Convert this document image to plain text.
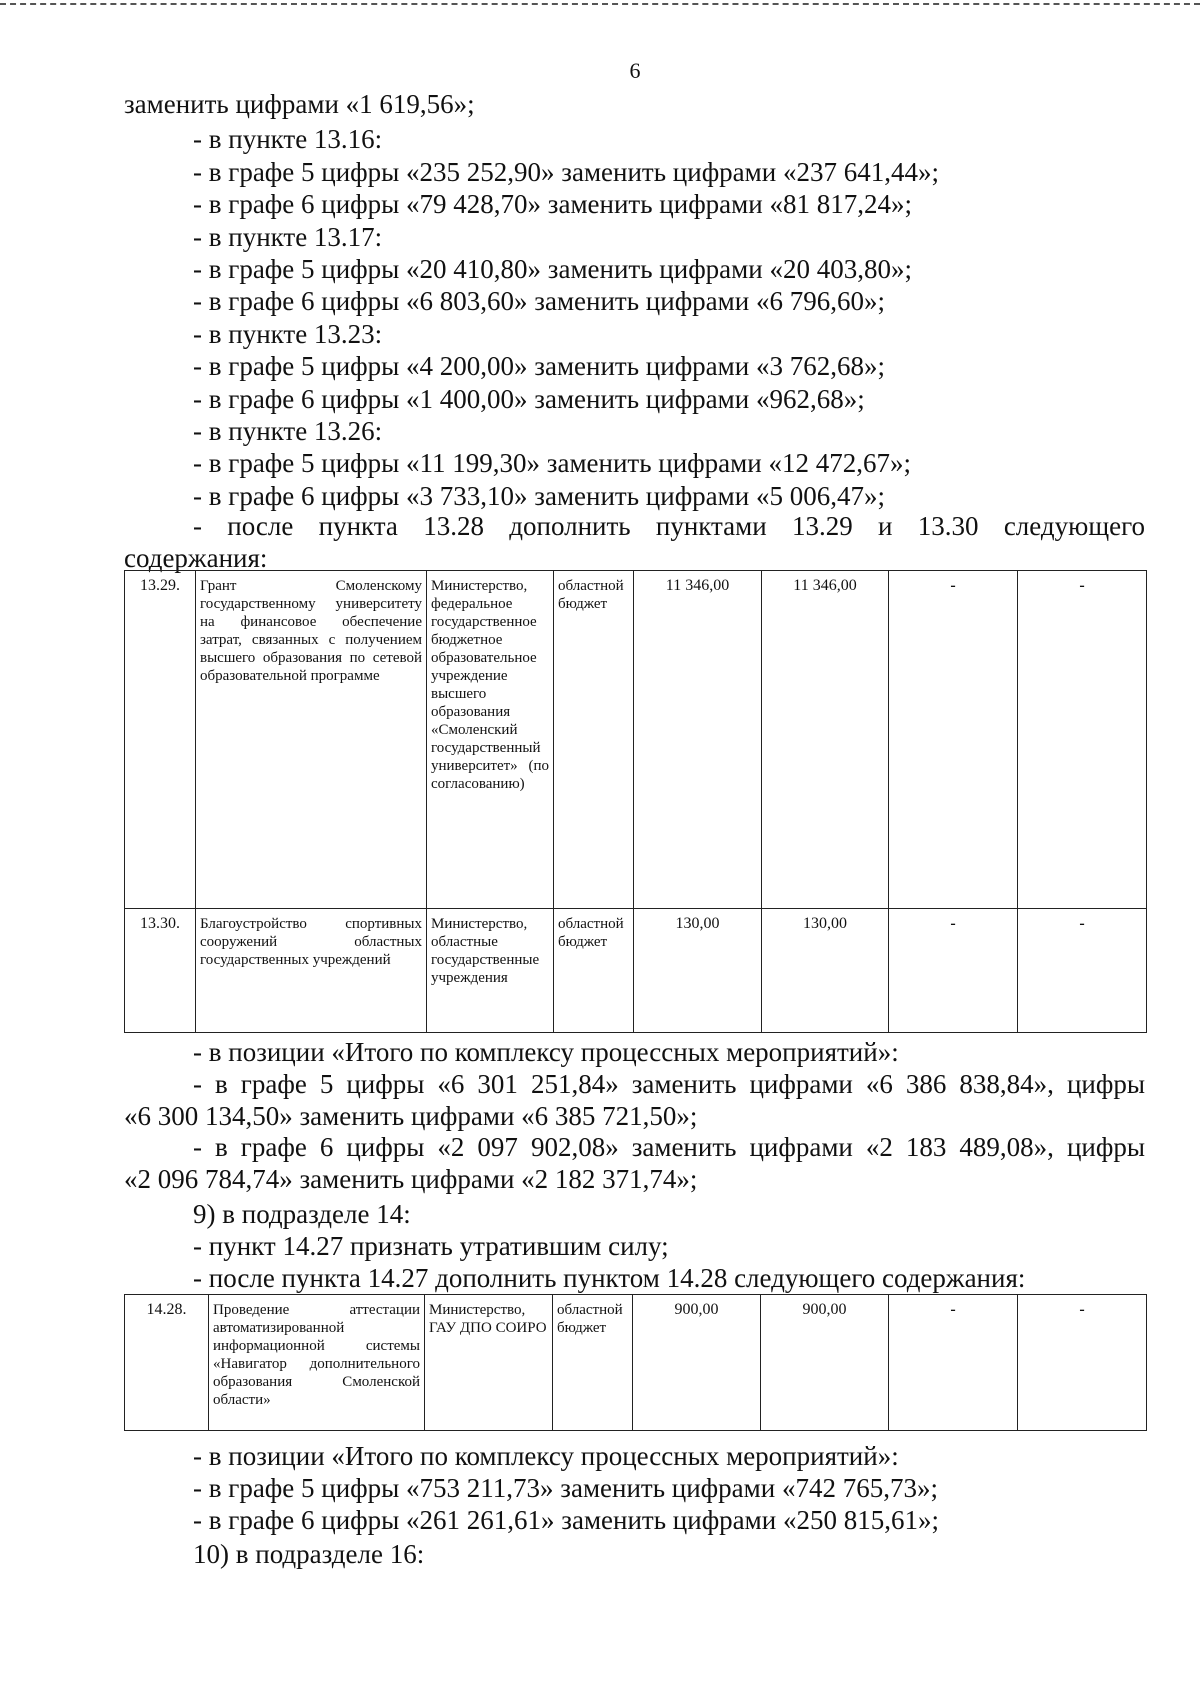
6
заменить цифрами «1 619,56»;
- в пункте 13.16:
- в графе 5 цифры «235 252,90» заменить цифрами «237 641,44»;
- в графе 6 цифры «79 428,70» заменить цифрами «81 817,24»;
- в пункте 13.17:
- в графе 5 цифры «20 410,80» заменить цифрами «20 403,80»;
- в графе 6 цифры «6 803,60» заменить цифрами «6 796,60»;
- в пункте 13.23:
- в графе 5 цифры «4 200,00» заменить цифрами «3 762,68»;
- в графе 6 цифры «1 400,00» заменить цифрами «962,68»;
- в пункте 13.26:
- в графе 5 цифры «11 199,30» заменить цифрами «12 472,67»;
- в графе 6 цифры «3 733,10» заменить цифрами «5 006,47»;
- после пункта 13.28 дополнить пунктами 13.29 и 13.30 следующего
содержания:
13.29.	Грант Смоленскому государственному университету на финансовое обеспечение затрат, связанных с получением высшего образования по сетевой образовательной программе	Министерство, федеральное государственное бюджетное образовательное учреждение высшего образования «Смоленский государственный университет» (по согласованию)	областной бюджет	11 346,00	11 346,00	-	-
13.30.	Благоустройство спортивных сооружений областных государственных учреждений	Министерство, областные государственные учреждения	областной бюджет	130,00	130,00	-	-
- в позиции «Итого по комплексу процессных мероприятий»:
- в графе 5 цифры «6 301 251,84» заменить цифрами «6 386 838,84», цифры
«6 300 134,50» заменить цифрами «6 385 721,50»;
- в графе 6 цифры «2 097 902,08» заменить цифрами «2 183 489,08», цифры
«2 096 784,74» заменить цифрами «2 182 371,74»;
9) в подразделе 14:
- пункт 14.27 признать утратившим силу;
- после пункта 14.27 дополнить пунктом 14.28 следующего содержания:
14.28.	Проведение аттестации автоматизированной информационной системы «Навигатор дополнительного образования Смоленской области»	Министерство, ГАУ ДПО СОИРО	областной бюджет	900,00	900,00	-	-
- в позиции «Итого по комплексу процессных мероприятий»:
- в графе 5 цифры «753 211,73» заменить цифрами «742 765,73»;
- в графе 6 цифры «261 261,61» заменить цифрами «250 815,61»;
10) в подразделе 16:
